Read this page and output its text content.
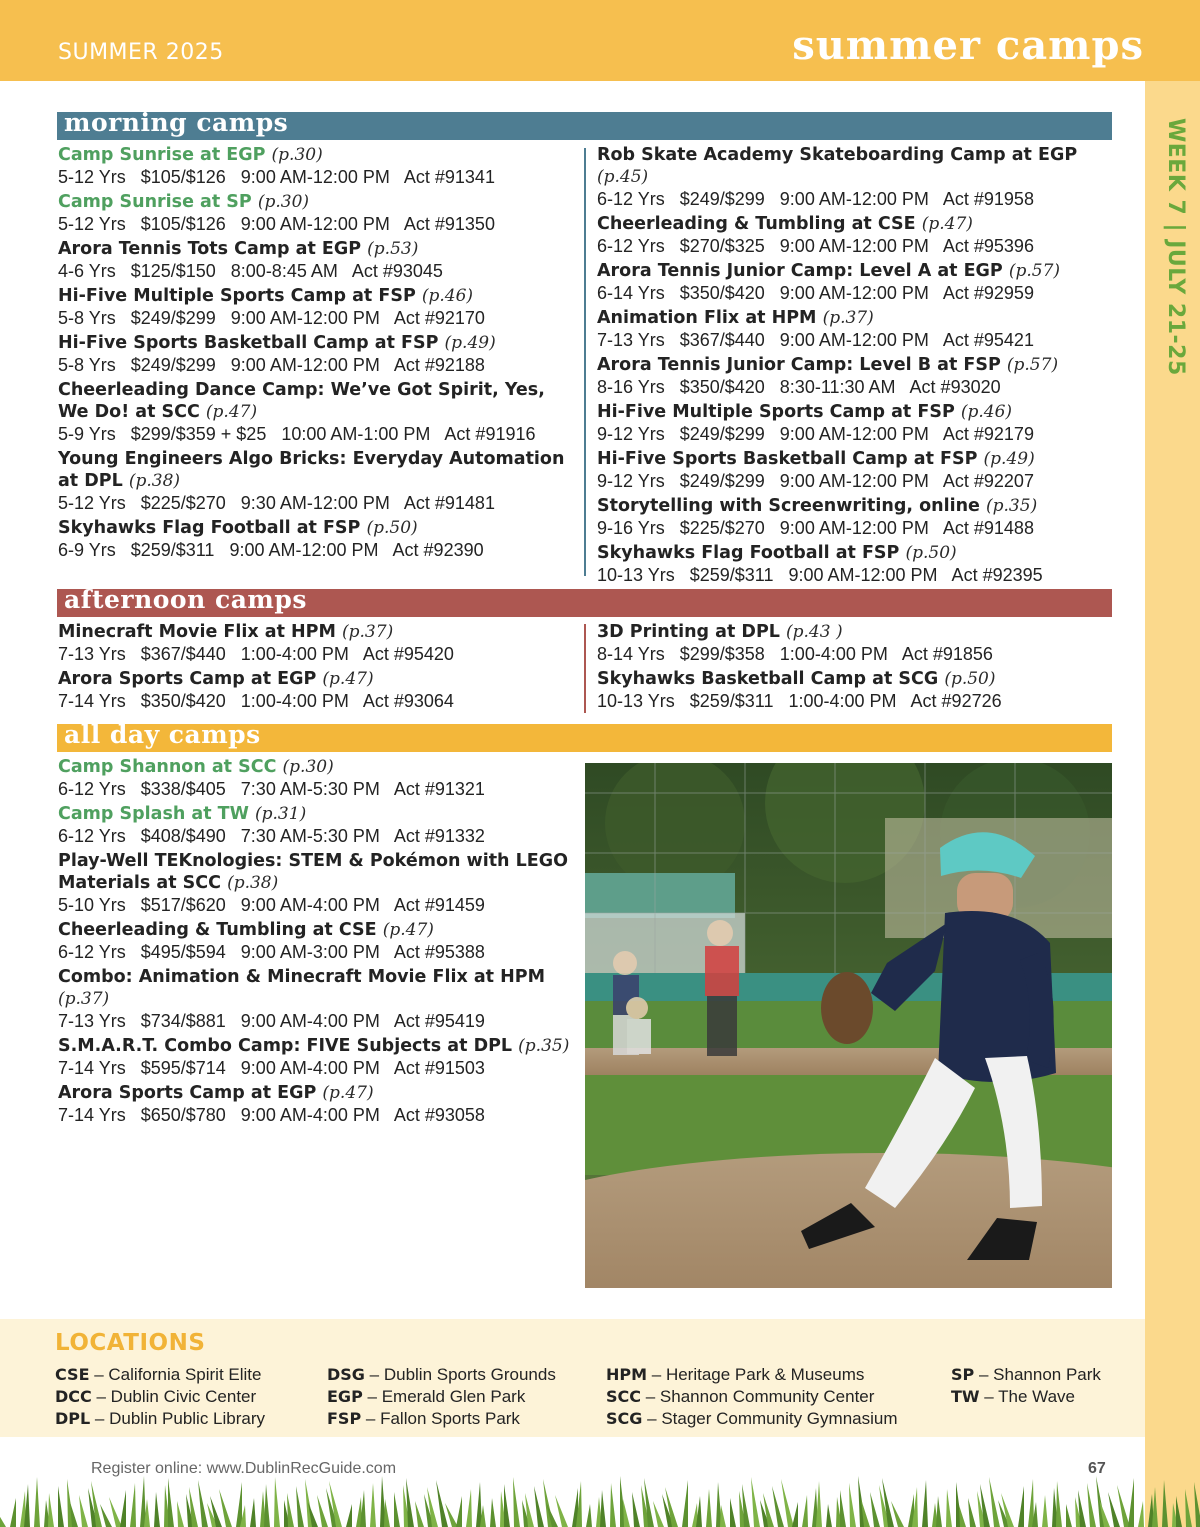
SUMMER 2025	summer camps
WEEK 7 | JULY 21-25
morning camps
Camp Sunrise at EGP (p.30)
5-12 Yrs   $105/$126   9:00 AM-12:00 PM   Act #91341
Camp Sunrise at SP (p.30)
5-12 Yrs   $105/$126   9:00 AM-12:00 PM   Act #91350
Arora Tennis Tots Camp at EGP (p.53)
4-6 Yrs   $125/$150   8:00-8:45 AM   Act #93045
Hi-Five Multiple Sports Camp at FSP (p.46)
5-8 Yrs   $249/$299   9:00 AM-12:00 PM   Act #92170
Hi-Five Sports Basketball Camp at FSP (p.49)
5-8 Yrs   $249/$299   9:00 AM-12:00 PM   Act #92188
Cheerleading Dance Camp: We’ve Got Spirit, Yes, We Do! at SCC (p.47)
5-9 Yrs   $299/$359 + $25   10:00 AM-1:00 PM   Act #91916
Young Engineers Algo Bricks: Everyday Automation at DPL (p.38)
5-12 Yrs   $225/$270   9:30 AM-12:00 PM   Act #91481
Skyhawks Flag Football at FSP (p.50)
6-9 Yrs   $259/$311   9:00 AM-12:00 PM   Act #92390
Rob Skate Academy Skateboarding Camp at EGP (p.45)
6-12 Yrs   $249/$299   9:00 AM-12:00 PM   Act #91958
Cheerleading & Tumbling at CSE (p.47)
6-12 Yrs   $270/$325   9:00 AM-12:00 PM   Act #95396
Arora Tennis Junior Camp: Level A at EGP (p.57)
6-14 Yrs   $350/$420   9:00 AM-12:00 PM   Act #92959
Animation Flix at HPM (p.37)
7-13 Yrs   $367/$440   9:00 AM-12:00 PM   Act #95421
Arora Tennis Junior Camp: Level B at FSP (p.57)
8-16 Yrs   $350/$420   8:30-11:30 AM   Act #93020
Hi-Five Multiple Sports Camp at FSP (p.46)
9-12 Yrs   $249/$299   9:00 AM-12:00 PM   Act #92179
Hi-Five Sports Basketball Camp at FSP (p.49)
9-12 Yrs   $249/$299   9:00 AM-12:00 PM   Act #92207
Storytelling with Screenwriting, online (p.35)
9-16 Yrs   $225/$270   9:00 AM-12:00 PM   Act #91488
Skyhawks Flag Football at FSP (p.50)
10-13 Yrs   $259/$311   9:00 AM-12:00 PM   Act #92395
afternoon camps
Minecraft Movie Flix at HPM (p.37)
7-13 Yrs   $367/$440   1:00-4:00 PM   Act #95420
Arora Sports Camp at EGP (p.47)
7-14 Yrs   $350/$420   1:00-4:00 PM   Act #93064
3D Printing at DPL (p.43 )
8-14 Yrs   $299/$358   1:00-4:00 PM   Act #91856
Skyhawks Basketball Camp at SCG (p.50)
10-13 Yrs   $259/$311   1:00-4:00 PM   Act #92726
all day camps
Camp Shannon at SCC (p.30)
6-12 Yrs   $338/$405   7:30 AM-5:30 PM   Act #91321
Camp Splash at TW (p.31)
6-12 Yrs   $408/$490   7:30 AM-5:30 PM   Act #91332
Play-Well TEKnologies: STEM & Pokémon with LEGO Materials at SCC (p.38)
5-10 Yrs   $517/$620   9:00 AM-4:00 PM   Act #91459
Cheerleading & Tumbling at CSE (p.47)
6-12 Yrs   $495/$594   9:00 AM-3:00 PM   Act #95388
Combo: Animation & Minecraft Movie Flix at HPM (p.37)
7-13 Yrs   $734/$881   9:00 AM-4:00 PM   Act #95419
S.M.A.R.T. Combo Camp: FIVE Subjects at DPL (p.35)
7-14 Yrs   $595/$714   9:00 AM-4:00 PM   Act #91503
Arora Sports Camp at EGP (p.47)
7-14 Yrs   $650/$780   9:00 AM-4:00 PM   Act #93058
LOCATIONS
CSE – California Spirit Elite
DCC – Dublin Civic Center
DPL – Dublin Public Library
DSG – Dublin Sports Grounds
EGP – Emerald Glen Park
FSP – Fallon Sports Park
HPM – Heritage Park & Museums
SCC – Shannon Community Center
SCG – Stager Community Gymnasium
SP – Shannon Park
TW – The Wave
Register online: www.DublinRecGuide.com	67
